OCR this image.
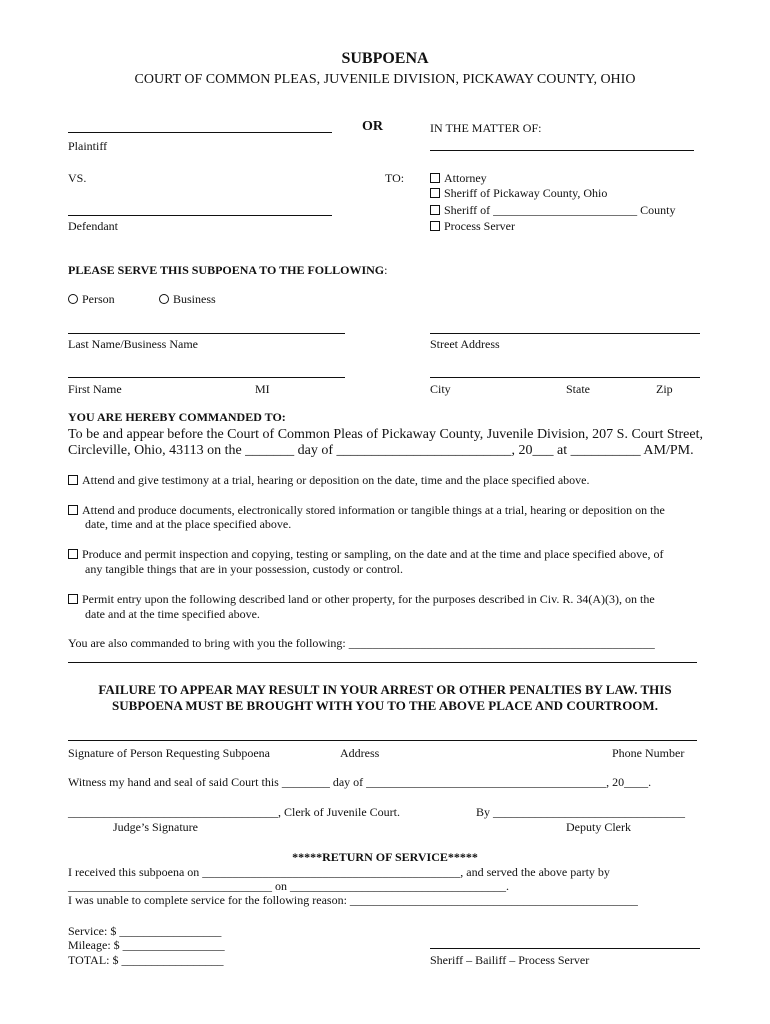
SUBPOENA
COURT OF COMMON PLEAS, JUVENILE DIVISION, PICKAWAY COUNTY, OHIO
Plaintiff
OR	IN THE MATTER OF:
VS.	TO:	Attorney
Sheriff of Pickaway County, Ohio
Sheriff of ________________________ County
Process Server
Defendant
PLEASE SERVE THIS SUBPOENA TO THE FOLLOWING:
Person	Business
Last Name/Business Name	Street Address
First Name	MI	City	State	Zip
YOU ARE HEREBY COMMANDED TO:
To be and appear before the Court of Common Pleas of Pickaway County, Juvenile Division, 207 S. Court Street,
Circleville, Ohio, 43113 on the _______ day of _________________________, 20___ at __________ AM/PM.
Attend and give testimony at a trial, hearing or deposition on the date, time and the place specified above.
Attend and produce documents, electronically stored information or tangible things at a trial, hearing or deposition on the
date, time and at the place specified above.
Produce and permit inspection and copying, testing or sampling, on the date and at the time and place specified above, of
any tangible things that are in your possession, custody or control.
Permit entry upon the following described land or other property, for the purposes described in Civ. R. 34(A)(3), on the
date and at the time specified above.
You are also commanded to bring with you the following: ___________________________________________________
FAILURE TO APPEAR MAY RESULT IN YOUR ARREST OR OTHER PENALTIES BY LAW. THIS
SUBPOENA MUST BE BROUGHT WITH YOU TO THE ABOVE PLACE AND COURTROOM.
Signature of Person Requesting Subpoena	Address	Phone Number
Witness my hand and seal of said Court this ________ day of ________________________________________, 20____.
___________________________________, Clerk of Juvenile Court.	By ________________________________
Judge’s Signature	Deputy Clerk
*****RETURN OF SERVICE*****
I received this subpoena on ___________________________________________, and served the above party by
__________________________________ on ____________________________________.
I was unable to complete service for the following reason: ________________________________________________
Service: $ _________________
Mileage: $ _________________
TOTAL: $ _________________	Sheriff – Bailiff – Process Server
